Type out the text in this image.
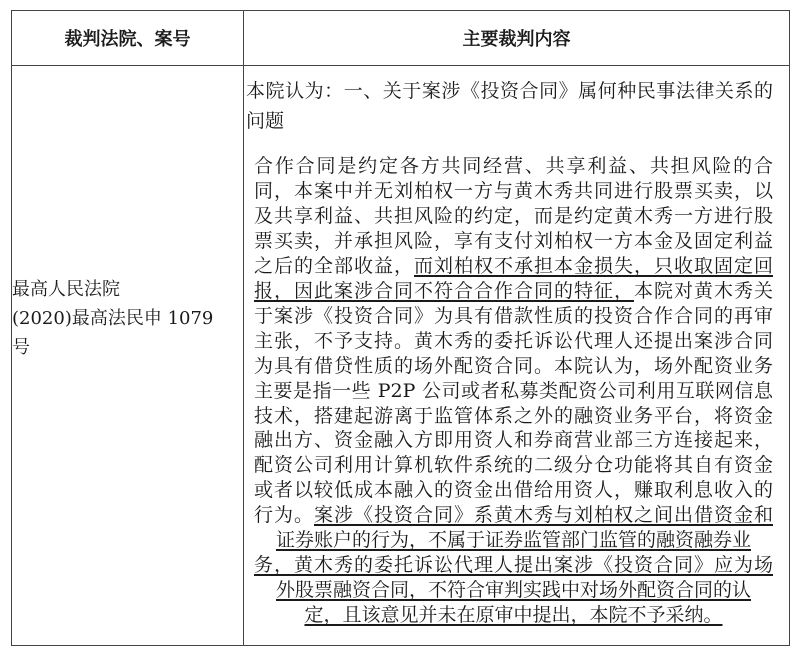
裁判法院、案号	主要裁判内容
最高人民法院
(2020)最高法民申 1079
号
本院认为：一、关于案涉《投资合同》属何种民事法律关系的
问题
合作合同是约定各方共同经营、共享利益、共担风险的合
同，本案中并无刘柏权一方与黄木秀共同进行股票买卖，以
及共享利益、共担风险的约定，而是约定黄木秀一方进行股
票买卖，并承担风险，享有支付刘柏权一方本金及固定利益
之后的全部收益，而刘柏权不承担本金损失，只收取固定回
报，因此案涉合同不符合合作合同的特征，本院对黄木秀关
于案涉《投资合同》为具有借款性质的投资合作合同的再审
主张，不予支持。黄木秀的委托诉讼代理人还提出案涉合同
为具有借贷性质的场外配资合同。本院认为，场外配资业务
主要是指一些 P2P 公司或者私募类配资公司利用互联网信息
技术，搭建起游离于监管体系之外的融资业务平台，将资金
融出方、资金融入方即用资人和券商营业部三方连接起来，
配资公司利用计算机软件系统的二级分仓功能将其自有资金
或者以较低成本融入的资金出借给用资人，赚取利息收入的
行为。案涉《投资合同》系黄木秀与刘柏权之间出借资金和
证券账户的行为，不属于证券监管部门监管的融资融券业
务，黄木秀的委托诉讼代理人提出案涉《投资合同》应为场
外股票融资合同，不符合审判实践中对场外配资合同的认
定，且该意见并未在原审中提出，本院不予采纳。
